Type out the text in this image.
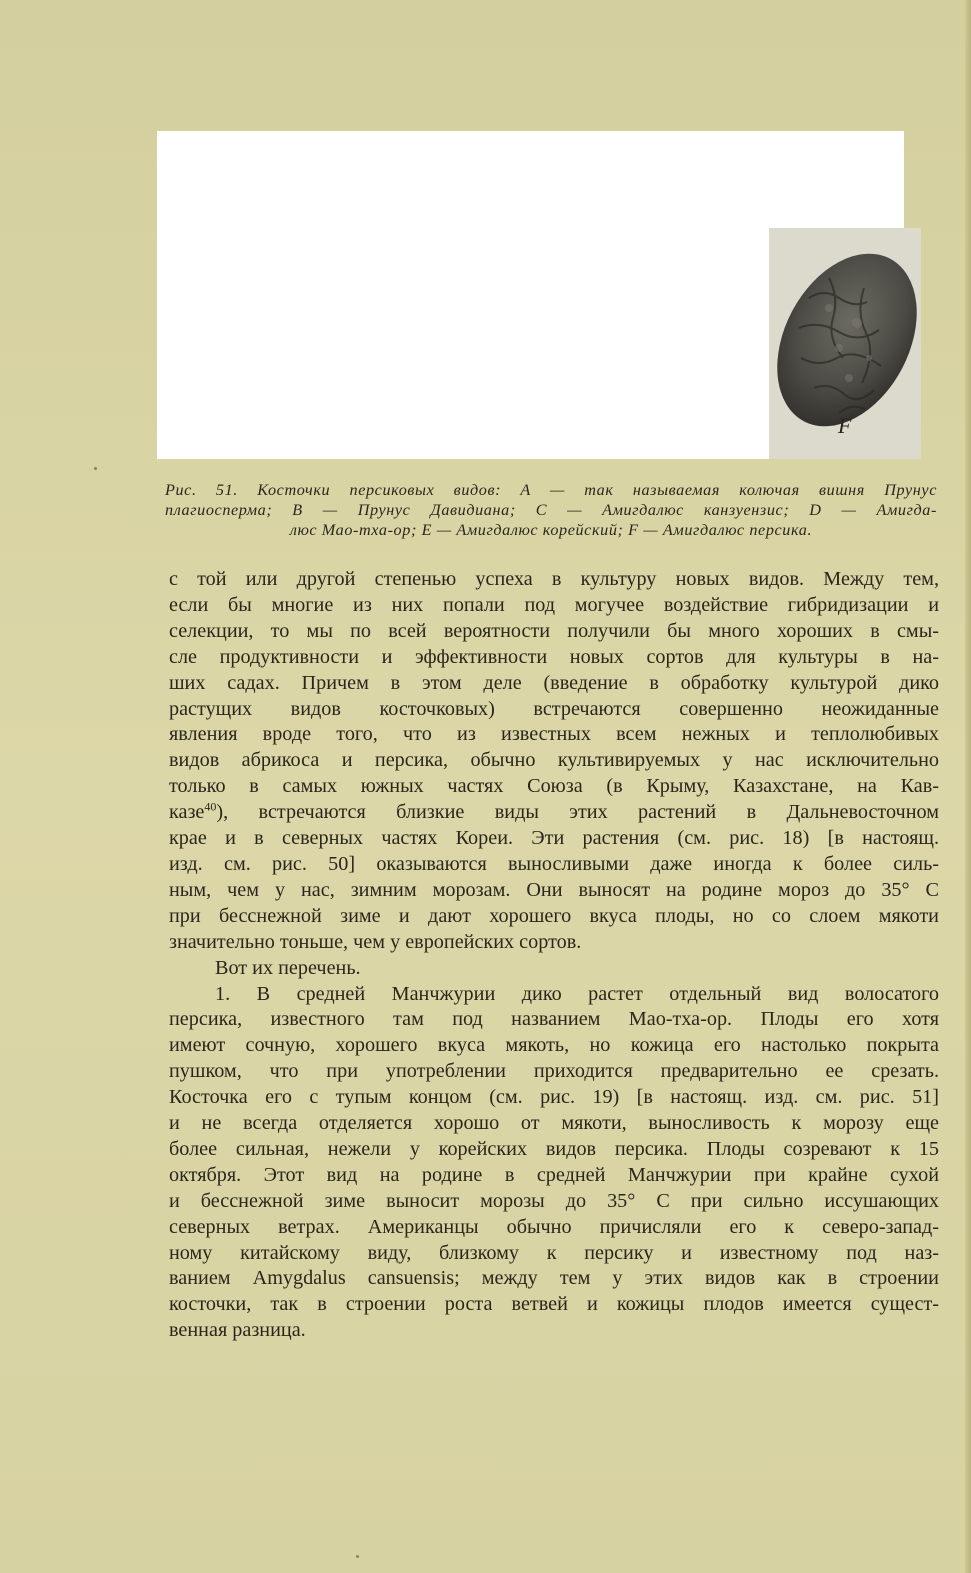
F
Рис. 51. Косточки персиковых видов: A — так называемая колючая вишня Прунус
плагиосперма; B — Прунус Давидиана; C — Амигдалюс канзуензис; D — Амигда-
люс Мао-тха-ор; E — Амигдалюс корейский; F — Амигдалюс персика.
с той или другой степенью успеха в культуру новых видов. Между тем,
если бы многие из них попали под могучее воздействие гибридизации и
селекции, то мы по всей вероятности получили бы много хороших в смы-
сле продуктивности и эффективности новых сортов для культуры в на-
ших садах. Причем в этом деле (введение в обработку культурой дико
растущих видов косточковых) встречаются совершенно неожиданные
явления вроде того, что из известных всем нежных и теплолюбивых
видов абрикоса и персика, обычно культивируемых у нас исключительно
только в самых южных частях Союза (в Крыму, Казахстане, на Кав-
казе$^{40}$), встречаются близкие виды этих растений в Дальневосточном
крае и в северных частях Кореи. Эти растения (см. рис. 18) [в настоящ.
изд. см. рис. 50] оказываются выносливыми даже иногда к более силь-
ным, чем у нас, зимним морозам. Они выносят на родине мороз до 35° С
при бесснежной зиме и дают хорошего вкуса плоды, но со слоем мякоти
значительно тоньше, чем у европейских сортов.
Вот их перечень.
1. В средней Манчжурии дико растет отдельный вид волосатого
персика, известного там под названием Мао-тха-ор. Плоды его хотя
имеют сочную, хорошего вкуса мякоть, но кожица его настолько покрыта
пушком, что при употреблении приходится предварительно ее срезать.
Косточка его с тупым концом (см. рис. 19) [в настоящ. изд. см. рис. 51]
и не всегда отделяется хорошо от мякоти, выносливость к морозу еще
более сильная, нежели у корейских видов персика. Плоды созревают к 15
октября. Этот вид на родине в средней Манчжурии при крайне сухой
и бесснежной зиме выносит морозы до 35° С при сильно иссушающих
северных ветрах. Американцы обычно причисляли его к северо-запад-
ному китайскому виду, близкому к персику и известному под наз-
ванием Amygdalus cansuensis; между тем у этих видов как в строении
косточки, так в строении роста ветвей и кожицы плодов имеется сущест-
венная разница.
